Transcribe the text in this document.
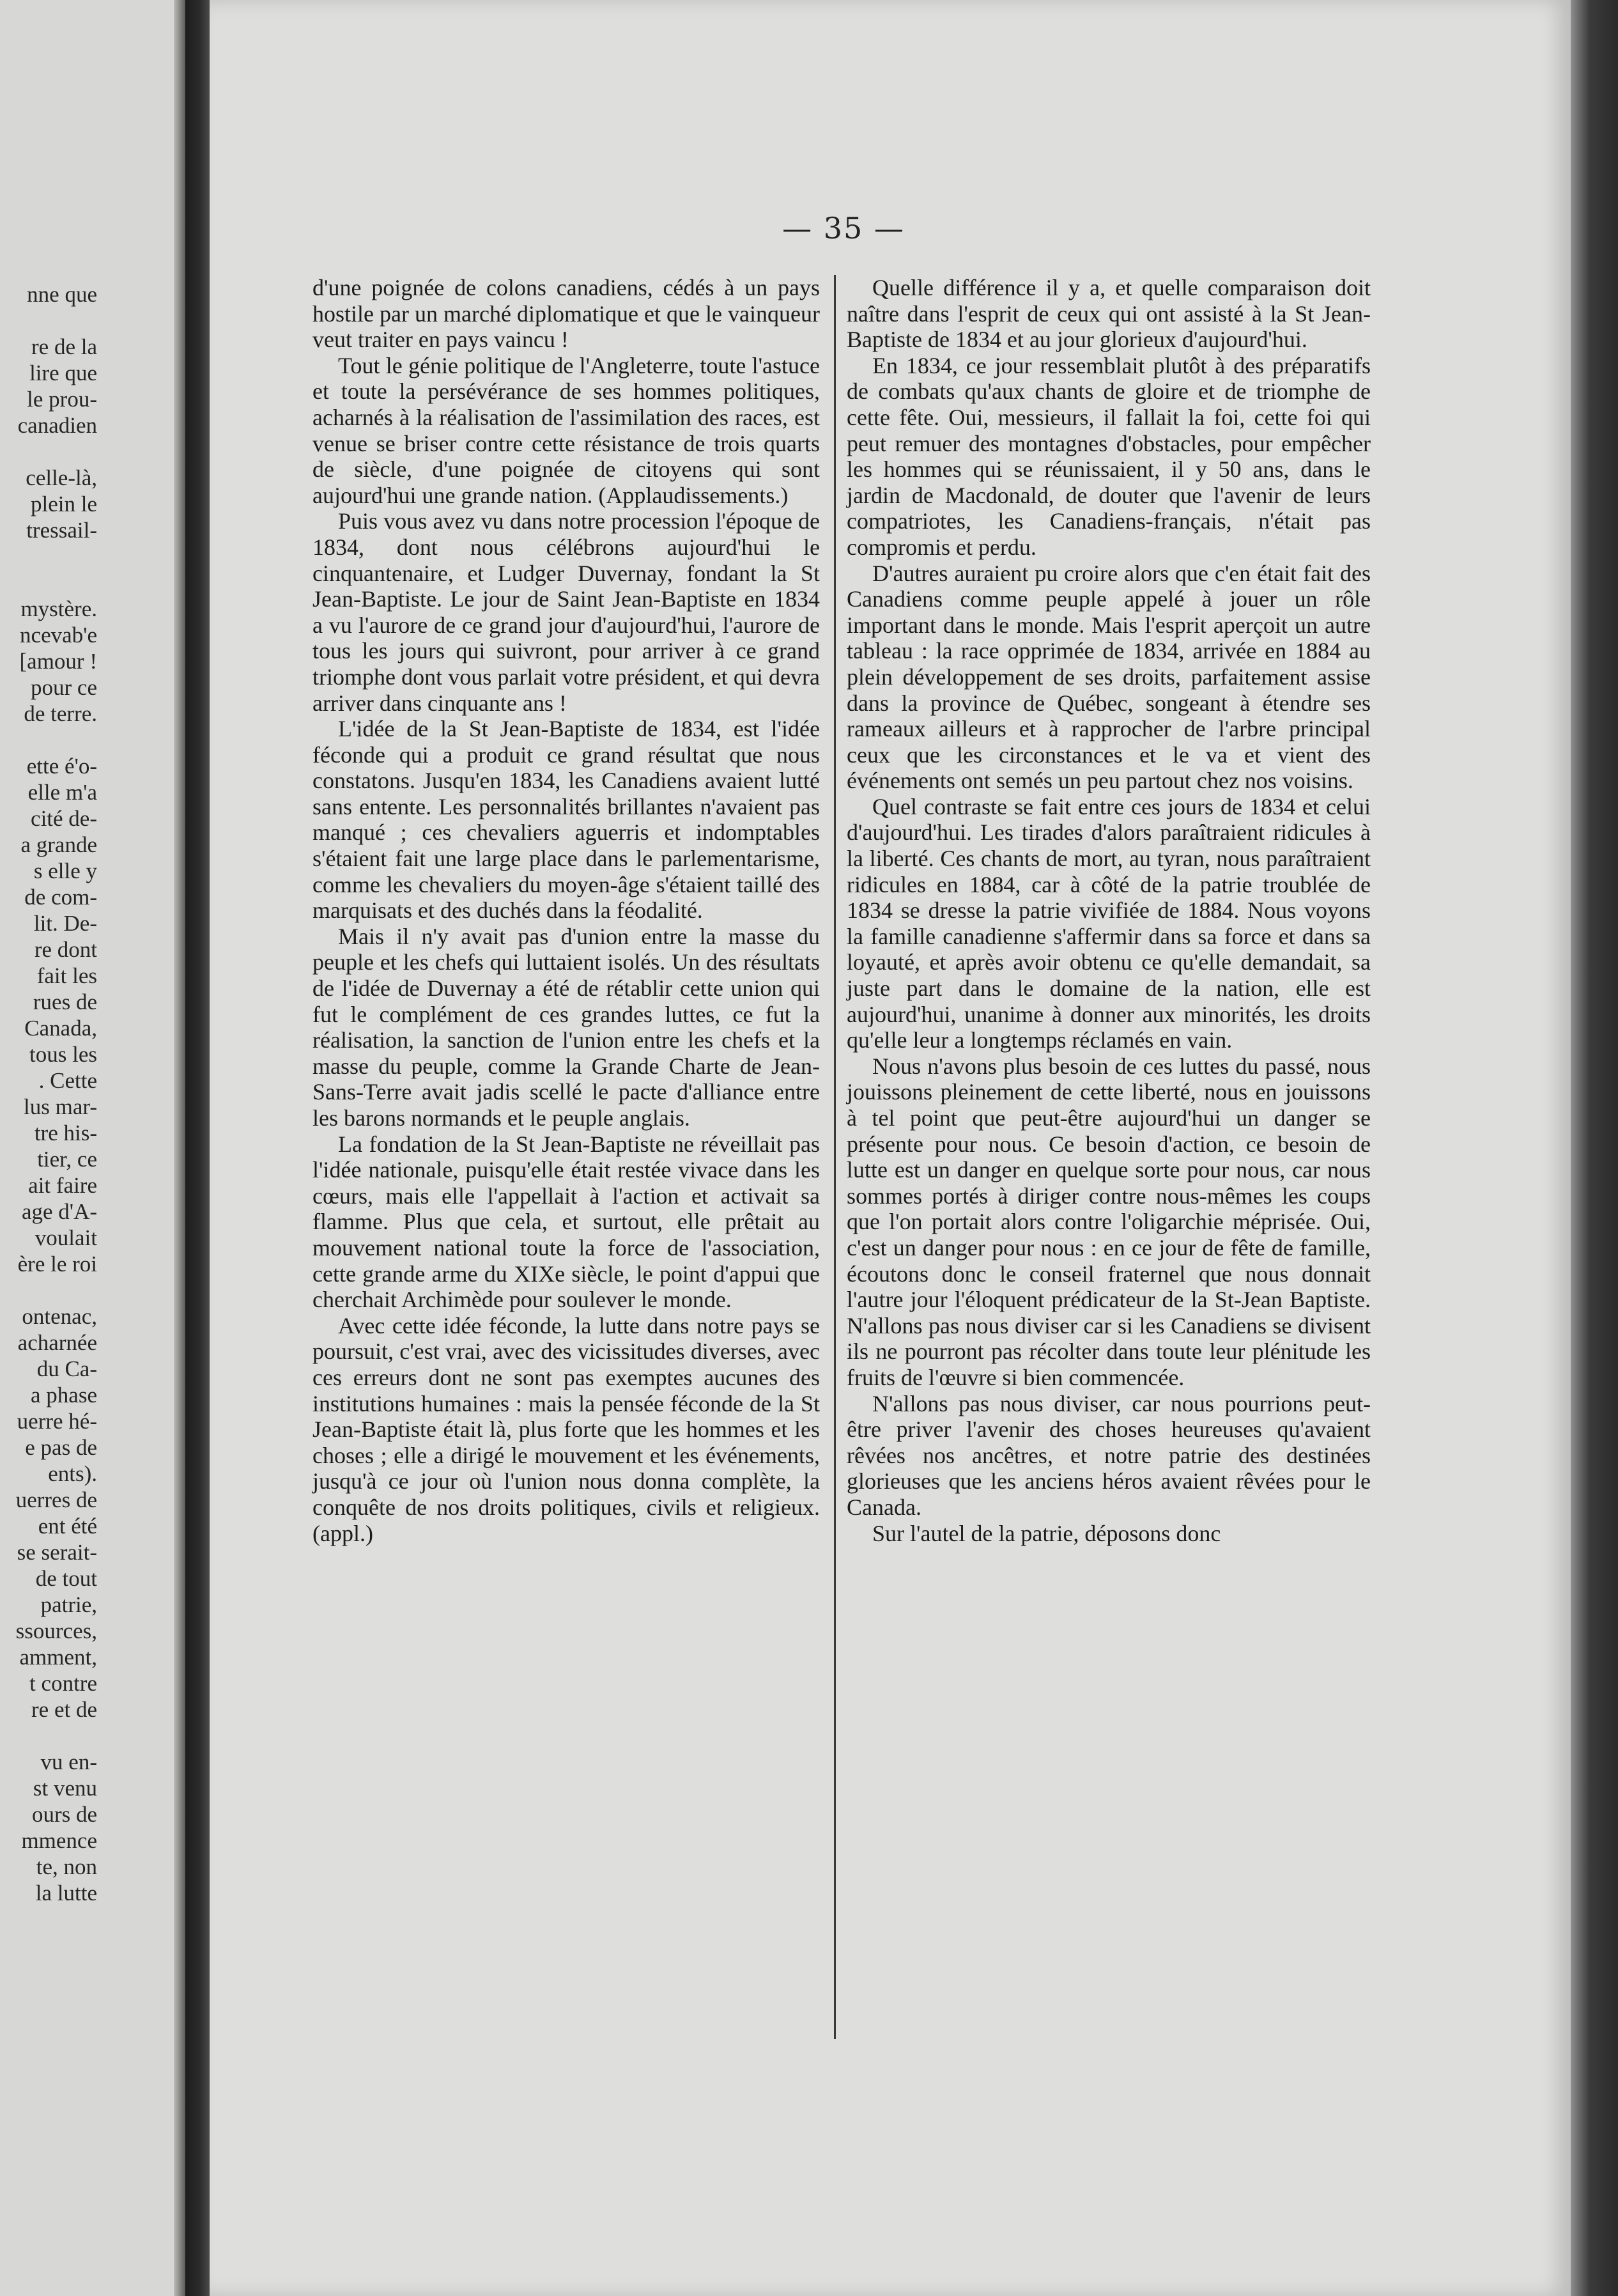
nne que
re de la
lire que
le prou-
canadien
celle-là,
plein le
tressail-
mystère.
ncevab'e
[amour !
pour ce
de terre.
ette é'o-
elle m'a
cité de-
a grande
s elle y
de com-
lit. De-
re dont
fait les
rues de
Canada,
tous les
. Cette
lus mar-
tre his-
tier, ce
ait faire
age d'A-
voulait
ère le roi
ontenac,
acharnée
du Ca-
a phase
uerre hé-
e pas de
ents).
uerres de
ent été
se serait-
de tout
patrie,
ssources,
amment,
t contre
re et de
vu en-
st venu
ours de
mmence
te, non
la lutte
— 35 —

d'une poignée de colons canadiens, cédés à un pays hostile par un marché diplomatique et que le vainqueur veut traiter en pays vaincu !

Tout le génie politique de l'Angleterre, toute l'astuce et toute la persévérance de ses hommes politiques, acharnés à la réalisation de l'assimilation des races, est venue se briser contre cette résistance de trois quarts de siècle, d'une poignée de citoyens qui sont aujourd'hui une grande nation. (Applaudissements.)

Puis vous avez vu dans notre procession l'époque de 1834, dont nous célébrons aujourd'hui le cinquantenaire, et Ludger Duvernay, fondant la St Jean-Baptiste. Le jour de Saint Jean-Baptiste en 1834 a vu l'aurore de ce grand jour d'aujourd'hui, l'aurore de tous les jours qui suivront, pour arriver à ce grand triomphe dont vous parlait votre président, et qui devra arriver dans cinquante ans !

L'idée de la St Jean-Baptiste de 1834, est l'idée féconde qui a produit ce grand résultat que nous constatons. Jusqu'en 1834, les Canadiens avaient lutté sans entente. Les personnalités brillantes n'avaient pas manqué ; ces chevaliers aguerris et indomptables s'étaient fait une large place dans le parlementarisme, comme les chevaliers du moyen-âge s'étaient taillé des marquisats et des duchés dans la féodalité.

Mais il n'y avait pas d'union entre la masse du peuple et les chefs qui luttaient isolés. Un des résultats de l'idée de Duvernay a été de rétablir cette union qui fut le complément de ces grandes luttes, ce fut la réalisation, la sanction de l'union entre les chefs et la masse du peuple, comme la Grande Charte de Jean-Sans-Terre avait jadis scellé le pacte d'alliance entre les barons normands et le peuple anglais.

La fondation de la St Jean-Baptiste ne réveillait pas l'idée nationale, puisqu'elle était restée vivace dans les cœurs, mais elle l'appellait à l'action et activait sa flamme. Plus que cela, et surtout, elle prêtait au mouvement national toute la force de l'association, cette grande arme du XIXe siècle, le point d'appui que cherchait Archimède pour soulever le monde.

Avec cette idée féconde, la lutte dans notre pays se poursuit, c'est vrai, avec des vicissitudes diverses, avec ces erreurs dont ne sont pas exemptes aucunes des institutions humaines : mais la pensée féconde de la St Jean-Baptiste était là, plus forte que les hommes et les choses ; elle a dirigé le mouvement et les événements, jusqu'à ce jour où l'union nous donna complète, la conquête de nos droits politiques, civils et religieux. (appl.)

Quelle différence il y a, et quelle comparaison doit naître dans l'esprit de ceux qui ont assisté à la St Jean-Baptiste de 1834 et au jour glorieux d'aujourd'hui.

En 1834, ce jour ressemblait plutôt à des préparatifs de combats qu'aux chants de gloire et de triomphe de cette fête. Oui, messieurs, il fallait la foi, cette foi qui peut remuer des montagnes d'obstacles, pour empêcher les hommes qui se réunissaient, il y 50 ans, dans le jardin de Macdonald, de douter que l'avenir de leurs compatriotes, les Canadiens-français, n'était pas compromis et perdu.

D'autres auraient pu croire alors que c'en était fait des Canadiens comme peuple appelé à jouer un rôle important dans le monde. Mais l'esprit aperçoit un autre tableau : la race opprimée de 1834, arrivée en 1884 au plein développement de ses droits, parfaitement assise dans la province de Québec, songeant à étendre ses rameaux ailleurs et à rapprocher de l'arbre principal ceux que les circonstances et le va et vient des événements ont semés un peu partout chez nos voisins.

Quel contraste se fait entre ces jours de 1834 et celui d'aujourd'hui. Les tirades d'alors paraîtraient ridicules à la liberté. Ces chants de mort, au tyran, nous paraîtraient ridicules en 1884, car à côté de la patrie troublée de 1834 se dresse la patrie vivifiée de 1884. Nous voyons la famille canadienne s'affermir dans sa force et dans sa loyauté, et après avoir obtenu ce qu'elle demandait, sa juste part dans le domaine de la nation, elle est aujourd'hui, unanime à donner aux minorités, les droits qu'elle leur a longtemps réclamés en vain.

Nous n'avons plus besoin de ces luttes du passé, nous jouissons pleinement de cette liberté, nous en jouissons à tel point que peut-être aujourd'hui un danger se présente pour nous. Ce besoin d'action, ce besoin de lutte est un danger en quelque sorte pour nous, car nous sommes portés à diriger contre nous-mêmes les coups que l'on portait alors contre l'oligarchie méprisée. Oui, c'est un danger pour nous : en ce jour de fête de famille, écoutons donc le conseil fraternel que nous donnait l'autre jour l'éloquent prédicateur de la St-Jean Baptiste. N'allons pas nous diviser car si les Canadiens se divisent ils ne pourront pas récolter dans toute leur plénitude les fruits de l'œuvre si bien commencée.

N'allons pas nous diviser, car nous pourrions peut-être priver l'avenir des choses heureuses qu'avaient rêvées nos ancêtres, et notre patrie des destinées glorieuses que les anciens héros avaient rêvées pour le Canada.

Sur l'autel de la patrie, déposons donc
